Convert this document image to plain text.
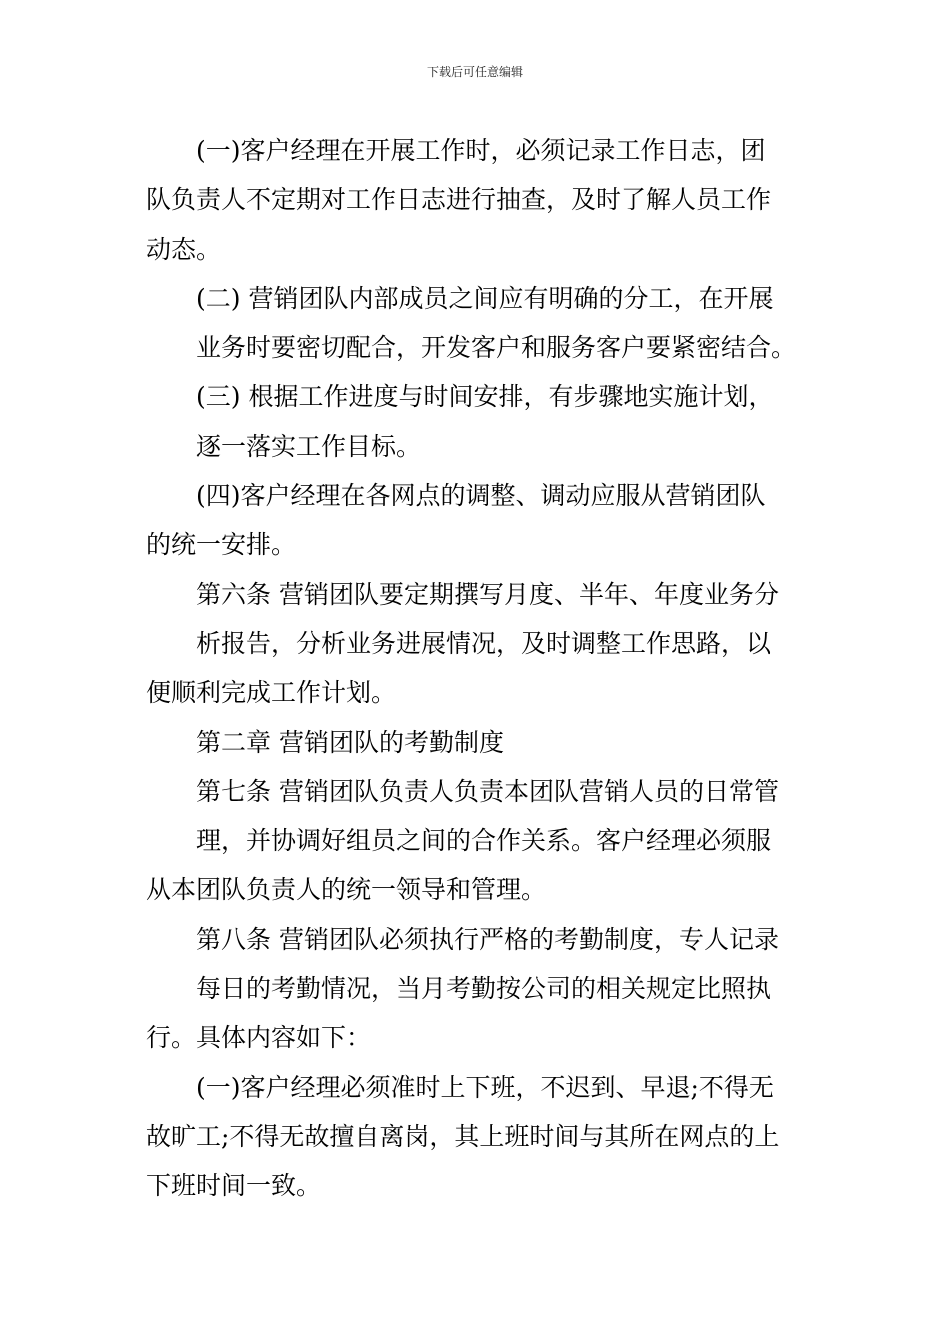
下载后可任意编辑
(一)客户经理在开展工作时，必须记录工作日志，团
队负责人不定期对工作日志进行抽查，及时了解人员工作
动态。
(二) 营销团队内部成员之间应有明确的分工，在开展
业务时要密切配合，开发客户和服务客户要紧密结合。
(三) 根据工作进度与时间安排，有步骤地实施计划，
逐一落实工作目标。
(四)客户经理在各网点的调整、调动应服从营销团队
的统一安排。
第六条 营销团队要定期撰写月度、半年、年度业务分
析报告，分析业务进展情况，及时调整工作思路，以
便顺利完成工作计划。
第二章 营销团队的考勤制度
第七条 营销团队负责人负责本团队营销人员的日常管
理，并协调好组员之间的合作关系。客户经理必须服
从本团队负责人的统一领导和管理。
第八条 营销团队必须执行严格的考勤制度，专人记录
每日的考勤情况，当月考勤按公司的相关规定比照执
行。具体内容如下：
(一)客户经理必须准时上下班，不迟到、早退;不得无
故旷工;不得无故擅自离岗，其上班时间与其所在网点的上
下班时间一致。
